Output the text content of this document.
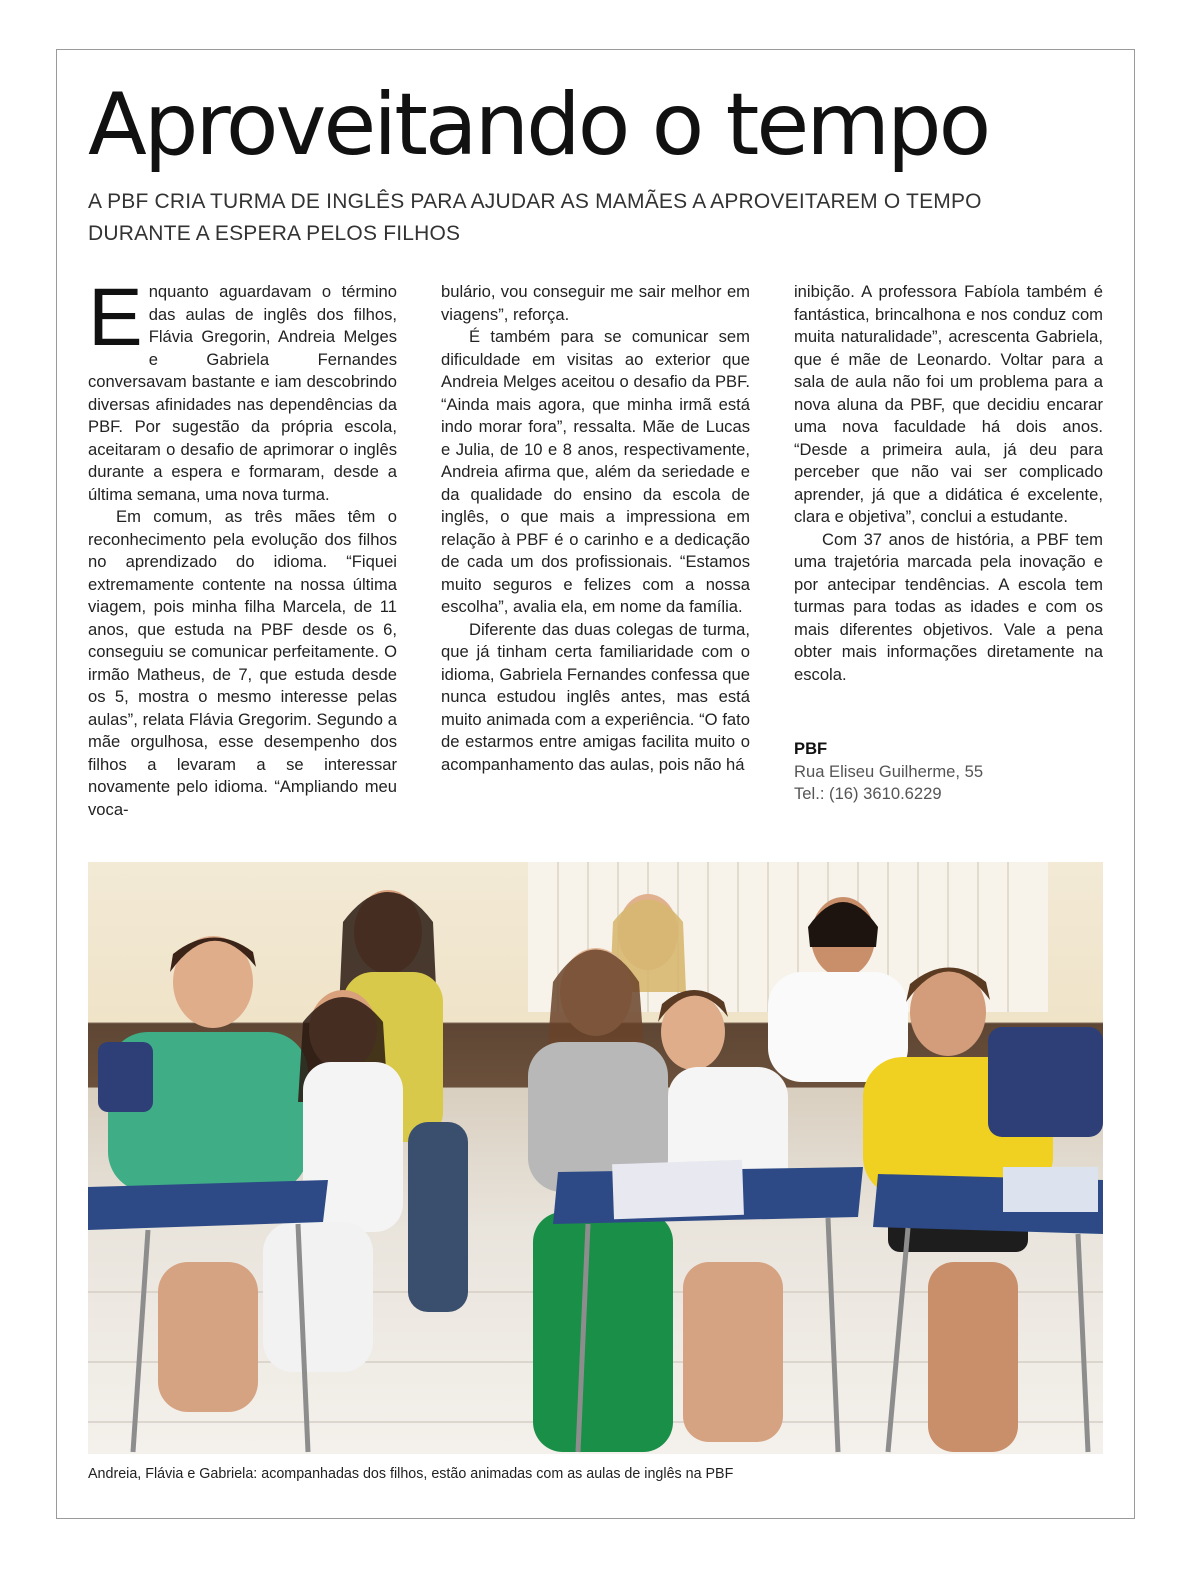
Aproveitando o tempo

A PBF CRIA TURMA DE INGLÊS PARA AJUDAR AS MAMÃES A APROVEITAREM O TEMPO DURANTE A ESPERA PELOS FILHOS

Enquanto aguardavam o término das aulas de inglês dos filhos, Flávia Gregorin, Andreia Melges e Gabriela Fernandes conversavam bastante e iam descobrindo diversas afinidades nas dependências da PBF. Por sugestão da própria escola, aceitaram o desafio de aprimorar o inglês durante a espera e formaram, desde a última semana, uma nova turma.

Em comum, as três mães têm o reconhecimento pela evolução dos filhos no aprendizado do idioma. “Fiquei extremamente contente na nossa última viagem, pois minha filha Marcela, de 11 anos, que estuda na PBF desde os 6, conseguiu se comunicar perfeitamente. O irmão Matheus, de 7, que estuda desde os 5, mostra o mesmo interesse pelas aulas”, relata Flávia Gregorim. Segundo a mãe orgulhosa, esse desempenho dos filhos a levaram a se interessar novamente pelo idioma. “Ampliando meu voca-

bulário, vou conseguir me sair melhor em viagens”, reforça.

É também para se comunicar sem dificuldade em visitas ao exterior que Andreia Melges aceitou o desafio da PBF. “Ainda mais agora, que minha irmã está indo morar fora”, ressalta. Mãe de Lucas e Julia, de 10 e 8 anos, respectivamente, Andreia afirma que, além da seriedade e da qualidade do ensino da escola de inglês, o que mais a impressiona em relação à PBF é o carinho e a dedicação de cada um dos profissionais. “Estamos muito seguros e felizes com a nossa escolha”, avalia ela, em nome da família.

Diferente das duas colegas de turma, que já tinham certa familiaridade com o idioma, Gabriela Fernandes confessa que nunca estudou inglês antes, mas está muito animada com a experiência. “O fato de estarmos entre amigas facilita muito o acompanhamento das aulas, pois não há

inibição. A professora Fabíola também é fantástica, brincalhona e nos conduz com muita naturalidade”, acrescenta Gabriela, que é mãe de Leonardo. Voltar para a sala de aula não foi um problema para a nova aluna da PBF, que decidiu encarar uma nova faculdade há dois anos. “Desde a primeira aula, já deu para perceber que não vai ser complicado aprender, já que a didática é excelente, clara e objetiva”, conclui a estudante.

Com 37 anos de história, a PBF tem uma trajetória marcada pela inovação e por antecipar tendências. A escola tem turmas para todas as idades e com os mais diferentes objetivos. Vale a pena obter mais informações diretamente na escola.

PBF
Rua Eliseu Guilherme, 55
Tel.: (16) 3610.6229

Andreia, Flávia e Gabriela: acompanhadas dos filhos, estão animadas com as aulas de inglês na PBF
